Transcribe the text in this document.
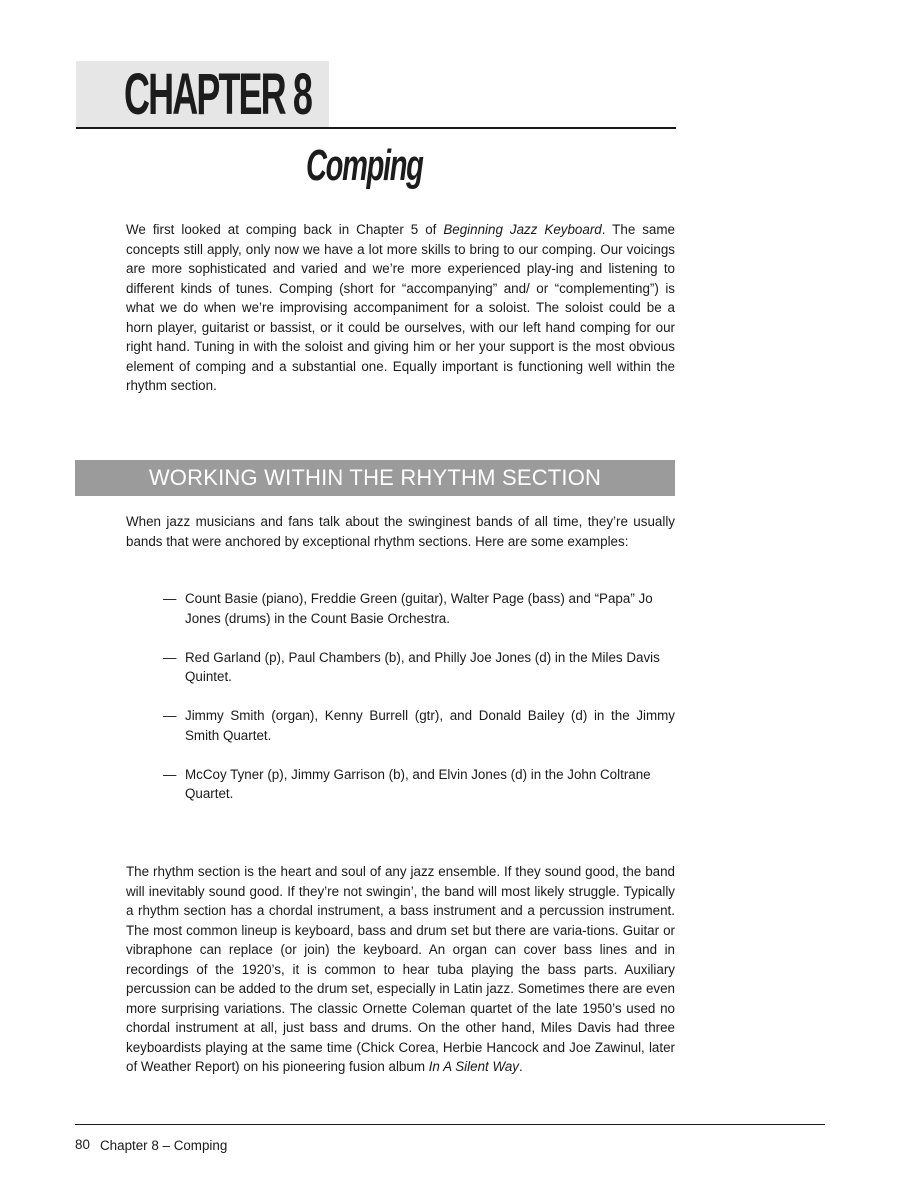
CHAPTER 8
Comping

We first looked at comping back in Chapter 5 of Beginning Jazz Keyboard. The same concepts still apply, only now we have a lot more skills to bring to our comping. Our voicings are more sophisticated and varied and we’re more experienced play-ing and listening to different kinds of tunes. Comping (short for “accompanying” and/ or “complementing”) is what we do when we’re improvising accompaniment for a soloist. The soloist could be a horn player, guitarist or bassist, or it could be ourselves, with our left hand comping for our right hand. Tuning in with the soloist and giving him or her your support is the most obvious element of comping and a substantial one. Equally important is functioning well within the rhythm section.

WORKING WITHIN THE RHYTHM SECTION

When jazz musicians and fans talk about the swinginest bands of all time, they’re usually bands that were anchored by exceptional rhythm sections. Here are some examples:

— Count Basie (piano), Freddie Green (guitar), Walter Page (bass) and “Papa” Jo Jones (drums) in the Count Basie Orchestra.
— Red Garland (p), Paul Chambers (b), and Philly Joe Jones (d) in the Miles Davis Quintet.
— Jimmy Smith (organ), Kenny Burrell (gtr), and Donald Bailey (d) in the Jimmy Smith Quartet.
— McCoy Tyner (p), Jimmy Garrison (b), and Elvin Jones (d) in the John Coltrane Quartet.

The rhythm section is the heart and soul of any jazz ensemble. If they sound good, the band will inevitably sound good. If they’re not swingin’, the band will most likely struggle. Typically a rhythm section has a chordal instrument, a bass instrument and a percussion instrument. The most common lineup is keyboard, bass and drum set but there are varia-tions. Guitar or vibraphone can replace (or join) the keyboard. An organ can cover bass lines and in recordings of the 1920’s, it is common to hear tuba playing the bass parts. Auxiliary percussion can be added to the drum set, especially in Latin jazz. Sometimes there are even more surprising variations. The classic Ornette Coleman quartet of the late 1950’s used no chordal instrument at all, just bass and drums. On the other hand, Miles Davis had three keyboardists playing at the same time (Chick Corea, Herbie Hancock and Joe Zawinul, later of Weather Report) on his pioneering fusion album In A Silent Way.

80 Chapter 8 – Comping
